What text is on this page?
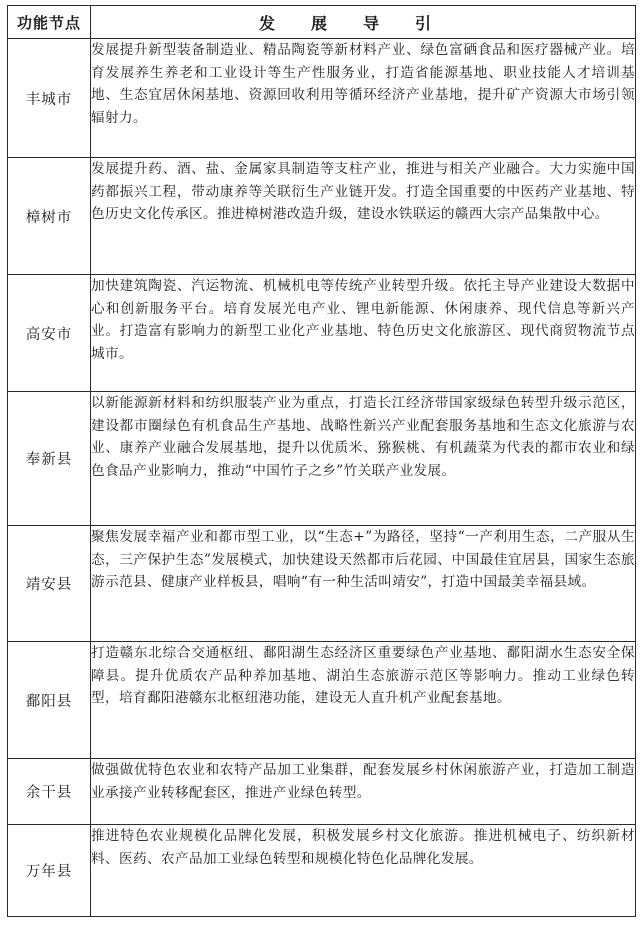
功能节点	发展导引
丰城市	发展提升新型装备制造业、精品陶瓷等新材料产业、绿色富硒食品和医疗器械产业。培育发展养生养老和工业设计等生产性服务业，打造省能源基地、职业技能人才培训基地、生态宜居休闲基地、资源回收利用等循环经济产业基地，提升矿产资源大市场引领辐射力。
樟树市	发展提升药、酒、盐、金属家具制造等支柱产业，推进与相关产业融合。大力实施中国药都振兴工程，带动康养等关联衍生产业链开发。打造全国重要的中医药产业基地、特色历史文化传承区。推进樟树港改造升级，建设水铁联运的赣西大宗产品集散中心。
高安市	加快建筑陶瓷、汽运物流、机械机电等传统产业转型升级。依托主导产业建设大数据中心和创新服务平台。培育发展光电产业、锂电新能源、休闲康养、现代信息等新兴产业。打造富有影响力的新型工业化产业基地、特色历史文化旅游区、现代商贸物流节点城市。
奉新县	以新能源新材料和纺织服装产业为重点，打造长江经济带国家级绿色转型升级示范区，建设都市圈绿色有机食品生产基地、战略性新兴产业配套服务基地和生态文化旅游与农业、康养产业融合发展基地，提升以优质米、猕猴桃、有机蔬菜为代表的都市农业和绿色食品产业影响力，推动“中国竹子之乡”竹关联产业发展。
靖安县	聚焦发展幸福产业和都市型工业，以“生态+”为路径，坚持“一产利用生态，二产服从生态，三产保护生态”发展模式，加快建设天然都市后花园、中国最佳宜居县，国家生态旅游示范县、健康产业样板县，唱响“有一种生活叫靖安”，打造中国最美幸福县域。
鄱阳县	打造赣东北综合交通枢纽、鄱阳湖生态经济区重要绿色产业基地、鄱阳湖水生态安全保障县。提升优质农产品种养加基地、湖泊生态旅游示范区等影响力。推动工业绿色转型，培育鄱阳港赣东北枢纽港功能，建设无人直升机产业配套基地。
余干县	做强做优特色农业和农特产品加工业集群，配套发展乡村休闲旅游产业，打造加工制造业承接产业转移配套区，推进产业绿色转型。
万年县	推进特色农业规模化品牌化发展，积极发展乡村文化旅游。推进机械电子、纺织新材料、医药、农产品加工业绿色转型和规模化特色化品牌化发展。
